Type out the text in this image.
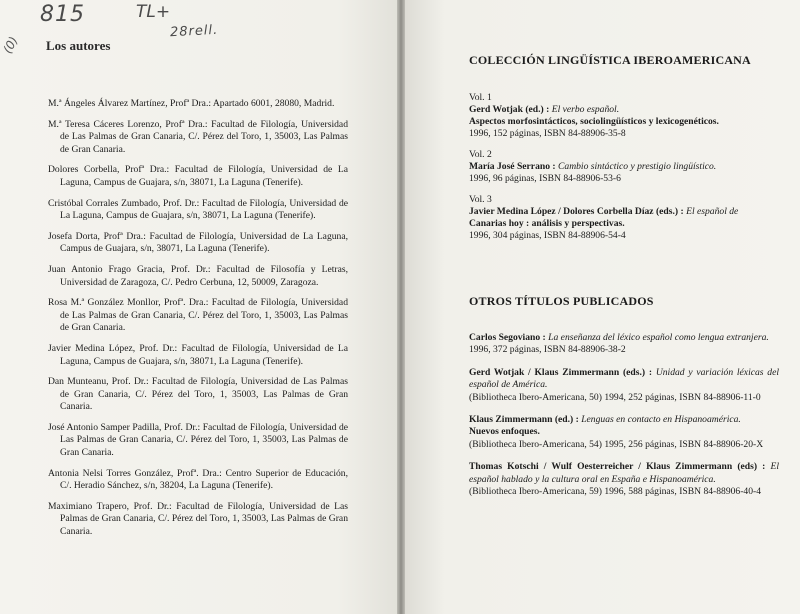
815	TL+
28rell.
(0) Los autores
M.ª Ángeles Álvarez Martínez, Profª Dra.: Apartado 6001, 28080, Madrid.
M.ª Teresa Cáceres Lorenzo, Profª Dra.: Facultad de Filología, Universidad de Las Palmas de Gran Canaria, C/. Pérez del Toro, 1, 35003, Las Palmas de Gran Canaria.
Dolores Corbella, Profª Dra.: Facultad de Filología, Universidad de La Laguna, Campus de Guajara, s/n, 38071, La Laguna (Tenerife).
Cristóbal Corrales Zumbado, Prof. Dr.: Facultad de Filología, Universidad de La Laguna, Campus de Guajara, s/n, 38071, La Laguna (Tenerife).
Josefa Dorta, Profª Dra.: Facultad de Filología, Universidad de La Laguna, Campus de Guajara, s/n, 38071, La Laguna (Tenerife).
Juan Antonio Frago Gracia, Prof. Dr.: Facultad de Filosofía y Letras, Universidad de Zaragoza, C/. Pedro Cerbuna, 12, 50009, Zaragoza.
Rosa M.ª González Monllor, Profª. Dra.: Facultad de Filología, Universidad de Las Palmas de Gran Canaria, C/. Pérez del Toro, 1, 35003, Las Palmas de Gran Canaria.
Javier Medina López, Prof. Dr.: Facultad de Filología, Universidad de La Laguna, Campus de Guajara, s/n, 38071, La Laguna (Tenerife).
Dan Munteanu, Prof. Dr.: Facultad de Filología, Universidad de Las Palmas de Gran Canaria, C/. Pérez del Toro, 1, 35003, Las Palmas de Gran Canaria.
José Antonio Samper Padilla, Prof. Dr.: Facultad de Filología, Universidad de Las Palmas de Gran Canaria, C/. Pérez del Toro, 1, 35003, Las Palmas de Gran Canaria.
Antonia Nelsi Torres González, Profª. Dra.: Centro Superior de Educación, C/. Heradio Sánchez, s/n, 38204, La Laguna (Tenerife).
Maximiano Trapero, Prof. Dr.: Facultad de Filología, Universidad de Las Palmas de Gran Canaria, C/. Pérez del Toro, 1, 35003, Las Palmas de Gran Canaria.
COLECCIÓN LINGÜÍSTICA IBEROAMERICANA
Vol. 1
Gerd Wotjak (ed.) : El verbo español.
Aspectos morfosintácticos, sociolingüísticos y lexicogenéticos.
1996, 152 páginas, ISBN 84-88906-35-8
Vol. 2
María José Serrano : Cambio sintáctico y prestigio lingüístico.
1996, 96 páginas, ISBN 84-88906-53-6
Vol. 3
Javier Medina López / Dolores Corbella Díaz (eds.) : El español de
Canarias hoy : análisis y perspectivas.
1996, 304 páginas, ISBN 84-88906-54-4
OTROS TÍTULOS PUBLICADOS
Carlos Segoviano : La enseñanza del léxico español como lengua extranjera.
1996, 372 páginas, ISBN 84-88906-38-2
Gerd Wotjak / Klaus Zimmermann (eds.) : Unidad y variación léxicas del español de América.
(Bibliotheca Ibero-Americana, 50) 1994, 252 páginas, ISBN 84-88906-11-0
Klaus Zimmermann (ed.) : Lenguas en contacto en Hispanoamérica.
Nuevos enfoques.
(Bibliotheca Ibero-Americana, 54) 1995, 256 páginas, ISBN 84-88906-20-X
Thomas Kotschi / Wulf Oesterreicher / Klaus Zimmermann (eds) : El español hablado y la cultura oral en España e Hispanoamérica.
(Bibliotheca Ibero-Americana, 59) 1996, 588 páginas, ISBN 84-88906-40-4
